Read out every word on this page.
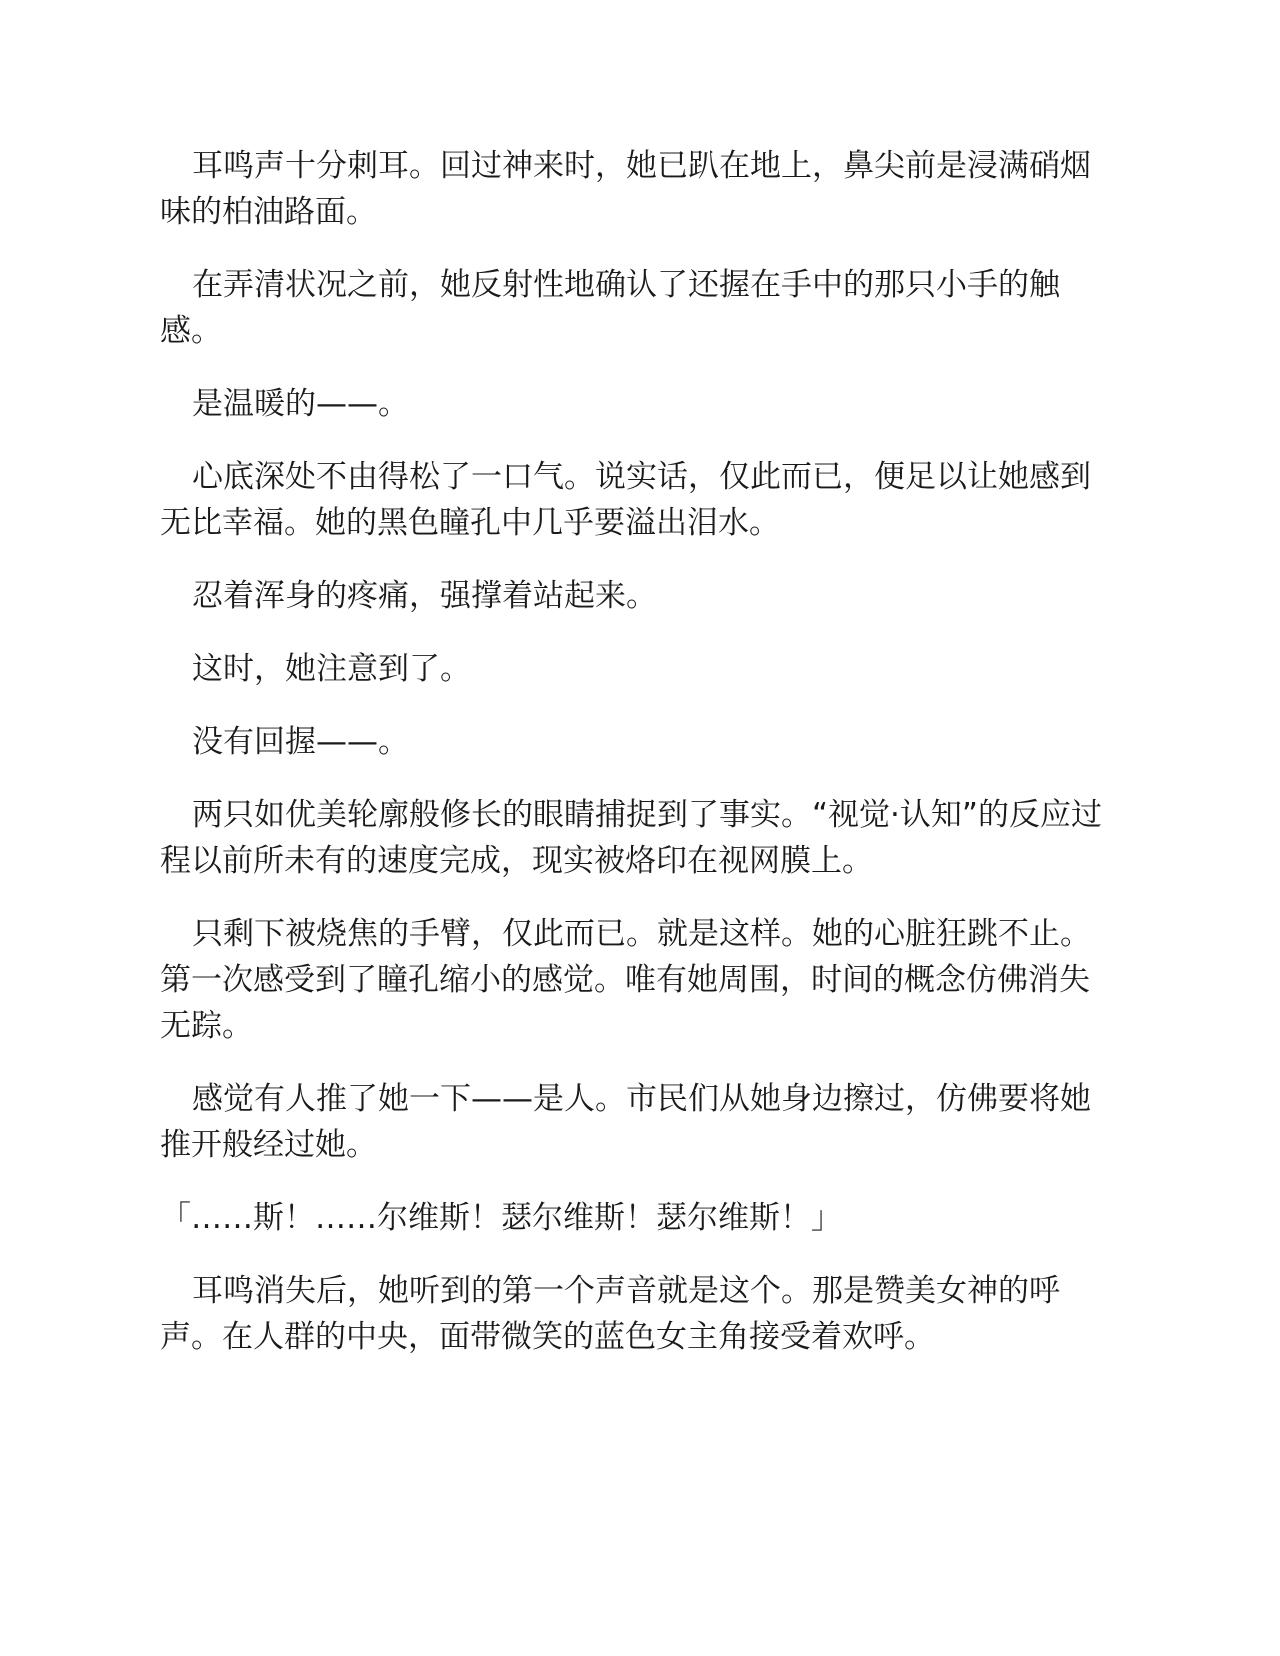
耳鸣声十分刺耳。回过神来时，她已趴在地上，鼻尖前是浸满硝烟味的柏油路面。

在弄清状况之前，她反射性地确认了还握在手中的那只小手的触感。

是温暖的——。

心底深处不由得松了一口气。说实话，仅此而已，便足以让她感到无比幸福。她的黑色瞳孔中几乎要溢出泪水。

忍着浑身的疼痛，强撑着站起来。

这时，她注意到了。

没有回握——。

两只如优美轮廓般修长的眼睛捕捉到了事实。“视觉·认知”的反应过程以前所未有的速度完成，现实被烙印在视网膜上。

只剩下被烧焦的手臂，仅此而已。就是这样。她的心脏狂跳不止。第一次感受到了瞳孔缩小的感觉。唯有她周围，时间的概念仿佛消失无踪。

感觉有人推了她一下——是人。市民们从她身边擦过，仿佛要将她推开般经过她。

「……斯！……尔维斯！瑟尔维斯！瑟尔维斯！」

耳鸣消失后，她听到的第一个声音就是这个。那是赞美女神的呼声。在人群的中央，面带微笑的蓝色女主角接受着欢呼。
